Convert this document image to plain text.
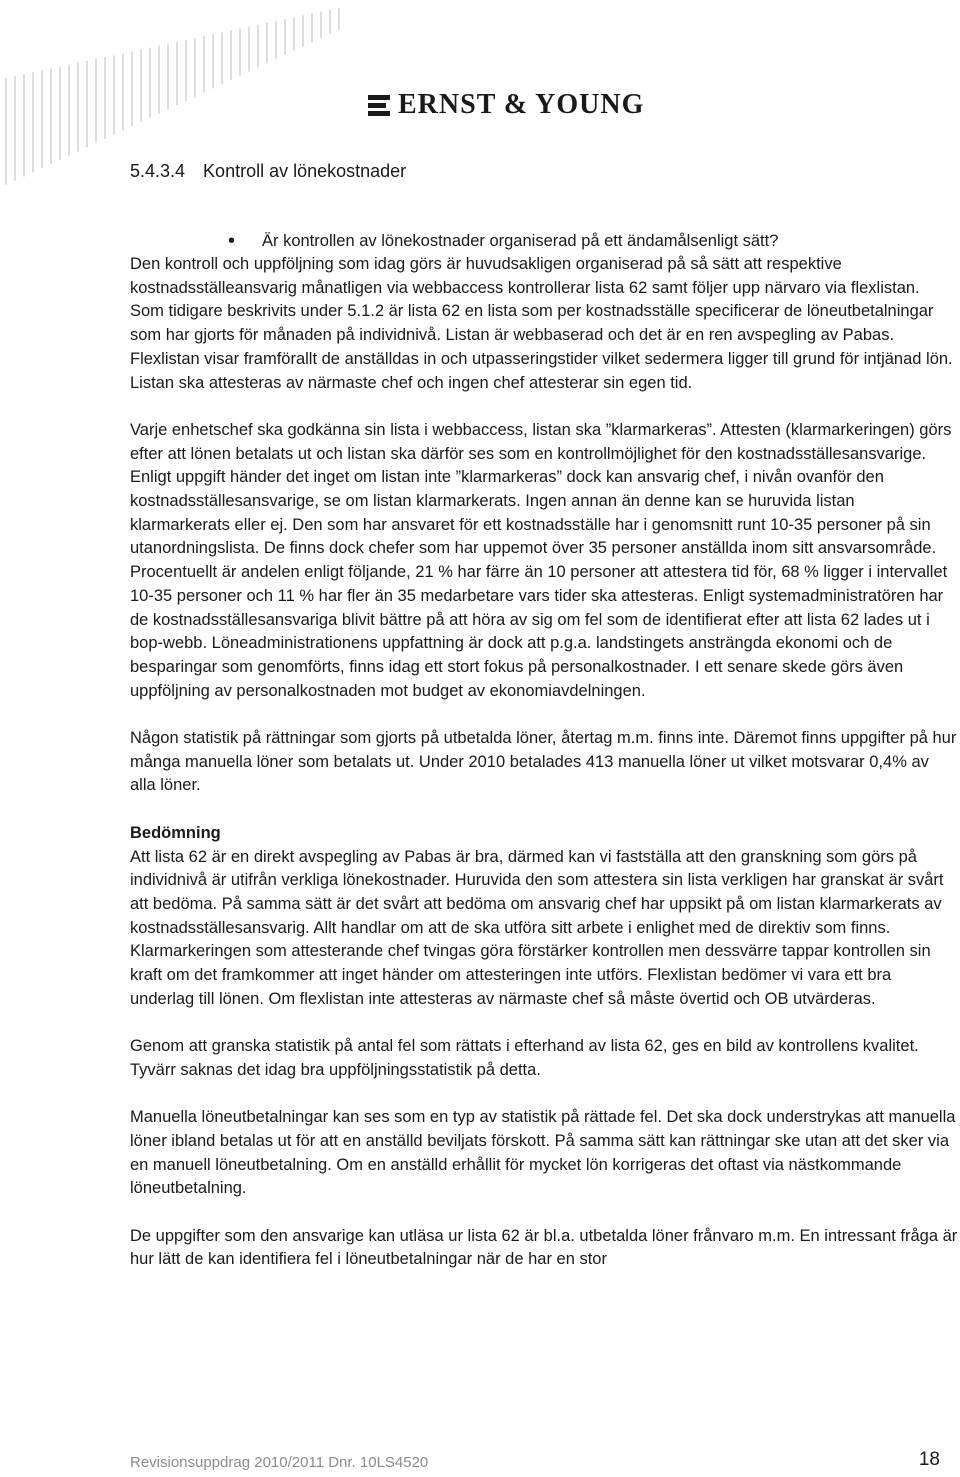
ERNST & YOUNG
5.4.3.4 Kontroll av lönekostnader
•	Är kontrollen av lönekostnader organiserad på ett ändamålsenligt sätt?

Den kontroll och uppföljning som idag görs är huvudsakligen organiserad på så sätt att respektive kostnadsställeansvarig månatligen via webbaccess kontrollerar lista 62 samt följer upp närvaro via flexlistan. Som tidigare beskrivits under 5.1.2 är lista 62 en lista som per kostnadsställe specificerar de löneutbetalningar som har gjorts för månaden på individnivå. Listan är webbaserad och det är en ren avspegling av Pabas. Flexlistan visar framförallt de anställdas in och utpasseringstider vilket sedermera ligger till grund för intjänad lön. Listan ska attesteras av närmaste chef och ingen chef attesterar sin egen tid.

Varje enhetschef ska godkänna sin lista i webbaccess, listan ska ”klarmarkeras”. Attesten (klarmarkeringen) görs efter att lönen betalats ut och listan ska därför ses som en kontrollmöjlighet för den kostnadsställesansvarige. Enligt uppgift händer det inget om listan inte ”klarmarkeras” dock kan ansvarig chef, i nivån ovanför den kostnadsställesansvarige, se om listan klarmarkerats. Ingen annan än denne kan se huruvida listan klarmarkerats eller ej. Den som har ansvaret för ett kostnadsställe har i genomsnitt runt 10-35 personer på sin utanordningslista. De finns dock chefer som har uppemot över 35 personer anställda inom sitt ansvarsområde. Procentuellt är andelen enligt följande, 21 % har färre än 10 personer att attestera tid för, 68 % ligger i intervallet 10-35 personer och 11 % har fler än 35 medarbetare vars tider ska attesteras. Enligt systemadministratören har de kostnadsställesansvariga blivit bättre på att höra av sig om fel som de identifierat efter att lista 62 lades ut i bop-webb. Löneadministrationens uppfattning är dock att p.g.a. landstingets ansträngda ekonomi och de besparingar som genomförts, finns idag ett stort fokus på personalkostnader. I ett senare skede görs även uppföljning av personalkostnaden mot budget av ekonomiavdelningen.

Någon statistik på rättningar som gjorts på utbetalda löner, återtag m.m. finns inte. Däremot finns uppgifter på hur många manuella löner som betalats ut. Under 2010 betalades 413 manuella löner ut vilket motsvarar 0,4% av alla löner.

Bedömning

Att lista 62 är en direkt avspegling av Pabas är bra, därmed kan vi fastställa att den granskning som görs på individnivå är utifrån verkliga lönekostnader. Huruvida den som attestera sin lista verkligen har granskat är svårt att bedöma. På samma sätt är det svårt att bedöma om ansvarig chef har uppsikt på om listan klarmarkerats av kostnadsställesansvarig. Allt handlar om att de ska utföra sitt arbete i enlighet med de direktiv som finns. Klarmarkeringen som attesterande chef tvingas göra förstärker kontrollen men dessvärre tappar kontrollen sin kraft om det framkommer att inget händer om attesteringen inte utförs. Flexlistan bedömer vi vara ett bra underlag till lönen. Om flexlistan inte attesteras av närmaste chef så måste övertid och OB utvärderas.

Genom att granska statistik på antal fel som rättats i efterhand av lista 62, ges en bild av kontrollens kvalitet. Tyvärr saknas det idag bra uppföljningsstatistik på detta.

Manuella löneutbetalningar kan ses som en typ av statistik på rättade fel. Det ska dock understrykas att manuella löner ibland betalas ut för att en anställd beviljats förskott. På samma sätt kan rättningar ske utan att det sker via en manuell löneutbetalning. Om en anställd erhållit för mycket lön korrigeras det oftast via nästkommande löneutbetalning.

De uppgifter som den ansvarige kan utläsa ur lista 62 är bl.a. utbetalda löner frånvaro m.m. En intressant fråga är hur lätt de kan identifiera fel i löneutbetalningar när de har en stor

Revisionsuppdrag 2010/2011 Dnr. 10LS4520	18
